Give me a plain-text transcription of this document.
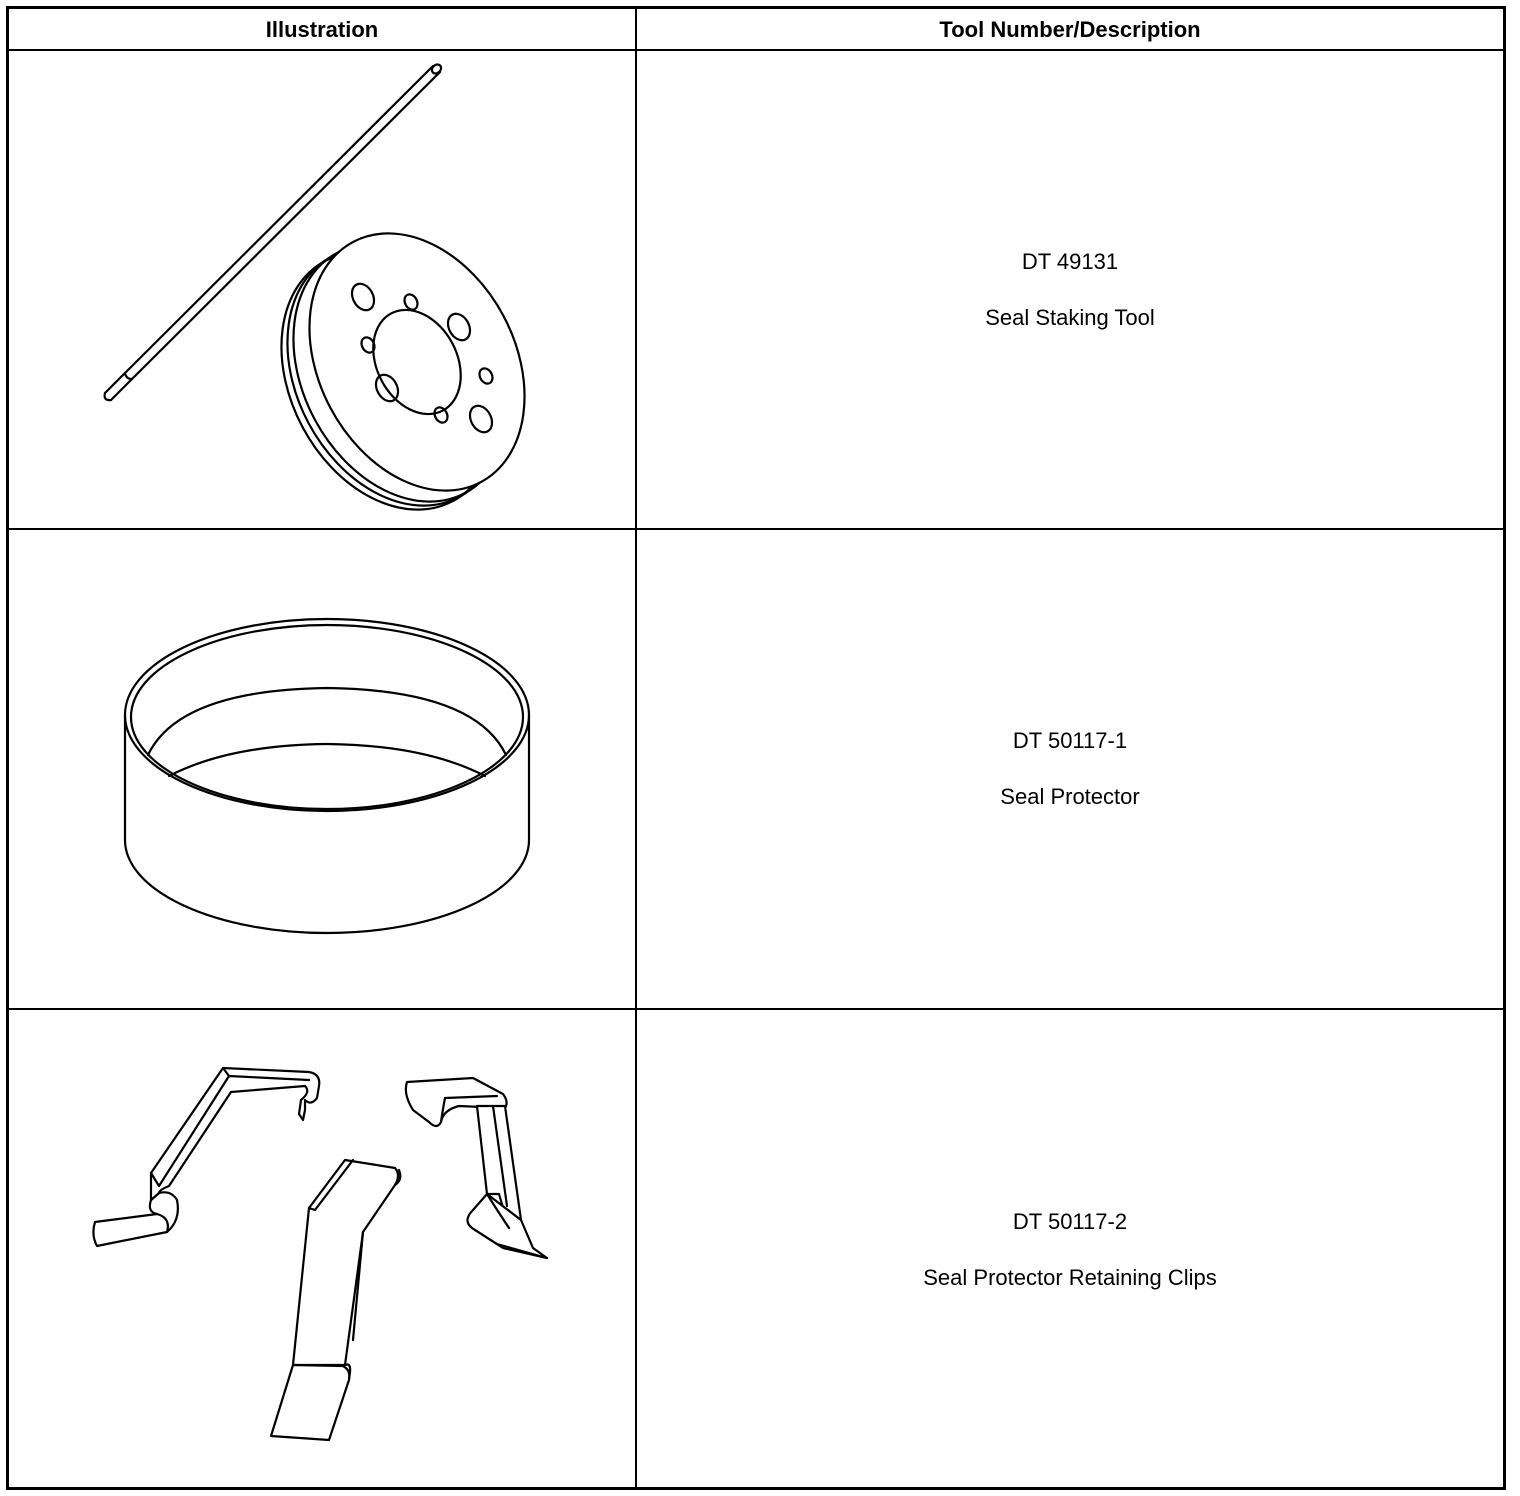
Illustration	Tool Number/Description
DT 49131
Seal Staking Tool
DT 50117-1
Seal Protector
DT 50117-2
Seal Protector Retaining Clips
